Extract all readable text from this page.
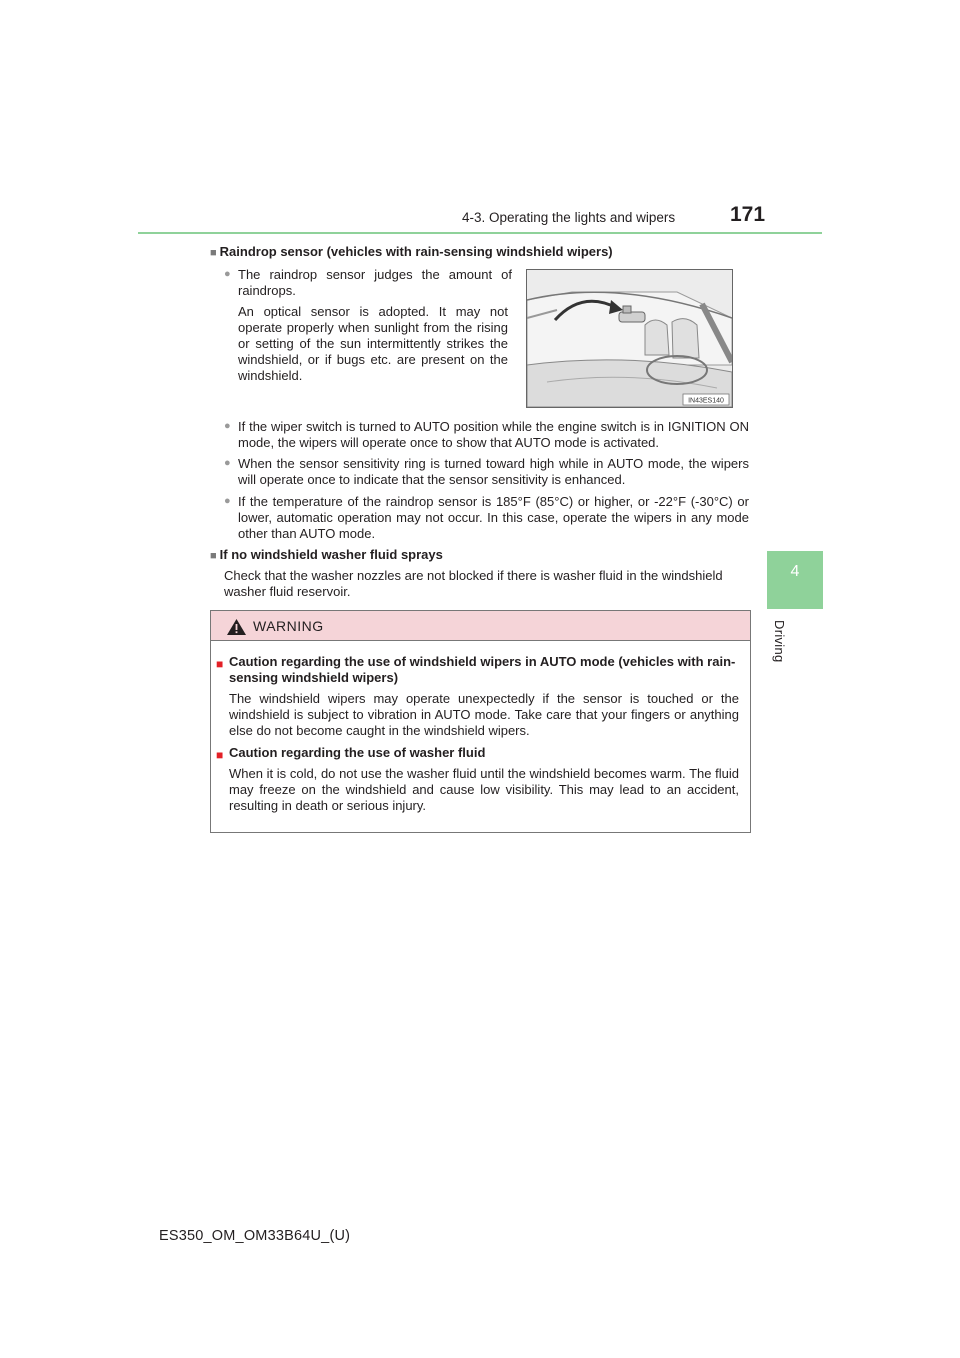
4-3. Operating the lights and wipers	171
4
Driving
■ Raindrop sensor (vehicles with rain-sensing windshield wipers)
● The raindrop sensor judges the amount of raindrops.
An optical sensor is adopted. It may not operate properly when sunlight from the rising or setting of the sun intermittently strikes the windshield, or if bugs etc. are present on the windshield.
IN43ES140
● If the wiper switch is turned to AUTO position while the engine switch is in IGNITION ON mode, the wipers will operate once to show that AUTO mode is activated.
● When the sensor sensitivity ring is turned toward high while in AUTO mode, the wipers will operate once to indicate that the sensor sensitivity is enhanced.
● If the temperature of the raindrop sensor is 185°F (85°C) or higher, or -22°F (-30°C) or lower, automatic operation may not occur. In this case, operate the wipers in any mode other than AUTO mode.
■ If no windshield washer fluid sprays
Check that the washer nozzles are not blocked if there is washer fluid in the windshield washer fluid reservoir.
WARNING
■ Caution regarding the use of windshield wipers in AUTO mode (vehicles with rain-sensing windshield wipers)
The windshield wipers may operate unexpectedly if the sensor is touched or the windshield is subject to vibration in AUTO mode. Take care that your fingers or anything else do not become caught in the windshield wipers.
■ Caution regarding the use of washer fluid
When it is cold, do not use the washer fluid until the windshield becomes warm. The fluid may freeze on the windshield and cause low visibility. This may lead to an accident, resulting in death or serious injury.
ES350_OM_OM33B64U_(U)
